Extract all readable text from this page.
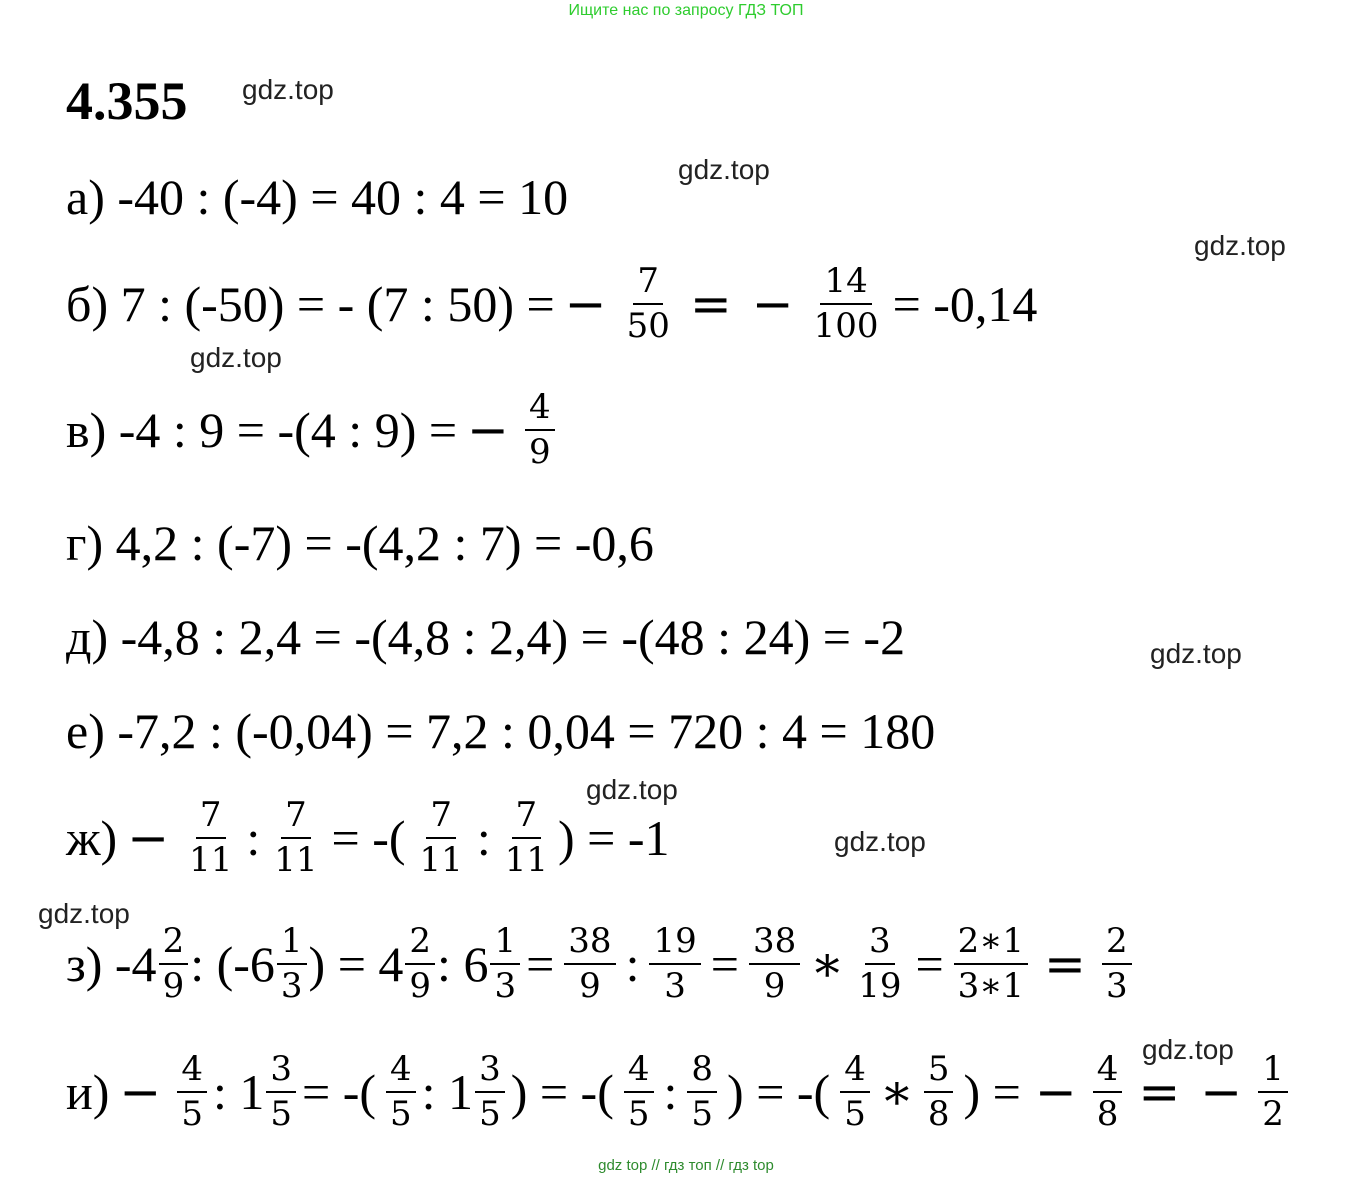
Ищите нас по запросу ГДЗ ТОП
4.355 gdz.top
gdz.top
gdz.top
gdz.top
gdz.top
gdz.top
gdz.top
gdz.top
gdz.top
а) -40 : (-4) = 40 : 4 = 10
б) 7 : (-50) = - (7 : 50) = − $\frac{7}{50}$ = − $\frac{14}{100} = -0,14$
в) -4 : 9 = -(4 : 9) = − $\frac{4}{9}$
г) 4,2 : (-7) = -(4,2 : 7) = -0,6
д) -4,8 : 2,4 = -(4,8 : 2,4) = -(48 : 24) = -2
е) -7,2 : (-0,04) = 7,2 : 0,04 = 720 : 4 = 180
$ж) - \frac{7}{11}$ : $\frac{7}{11}$ = -( $\frac{7}{11}$ : $\frac{7}{11}$ ) = -1
з) $-4 \frac{2}{9}$ : ($-6 \frac{1}{3}$ ) = $4 \frac{2}{9}$ : $6 \frac{1}{3} = \frac{38}{9}$ : $\frac{19}{3} = \frac{38}{9}$ ∗ $\frac{3}{19} = \frac{2∗1}{3∗1} = \frac{2}{3}$
$и) - \frac{4}{5}$ : $1 \frac{3}{5}$ = -( $\frac{4}{5}$ : $1 \frac{3}{5}$ ) = -( $\frac{4}{5}$ : $\frac{8}{5}$ ) = -( $\frac{4}{5}$ ∗ $\frac{5}{8}$ ) = − $\frac{4}{8}$ = − $\frac{1}{2}$
gdz top // гдз топ // гдз top
